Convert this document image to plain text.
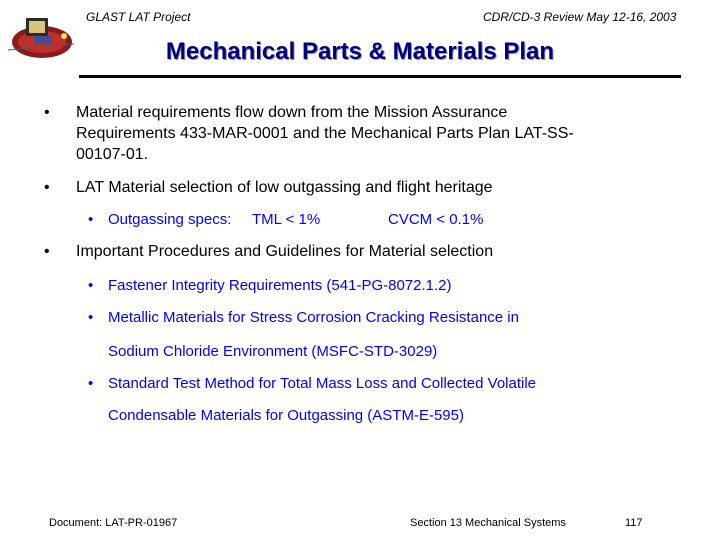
GLAST LAT Project	CDR/CD-3 Review May 12-16, 2003
Mechanical Parts & Materials Plan
• Material requirements flow down from the Mission Assurance
Requirements 433-MAR-0001 and the Mechanical Parts Plan LAT-SS-
00107-01.
• LAT Material selection of low outgassing and flight heritage
• Outgassing specs: TML < 1%	CVCM < 0.1%
• Important Procedures and Guidelines for Material selection
• Fastener Integrity Requirements (541-PG-8072.1.2)
• Metallic Materials for Stress Corrosion Cracking Resistance in
Sodium Chloride Environment (MSFC-STD-3029)
• Standard Test Method for Total Mass Loss and Collected Volatile
Condensable Materials for Outgassing (ASTM-E-595)
Document: LAT-PR-01967	Section 13 Mechanical Systems	117
